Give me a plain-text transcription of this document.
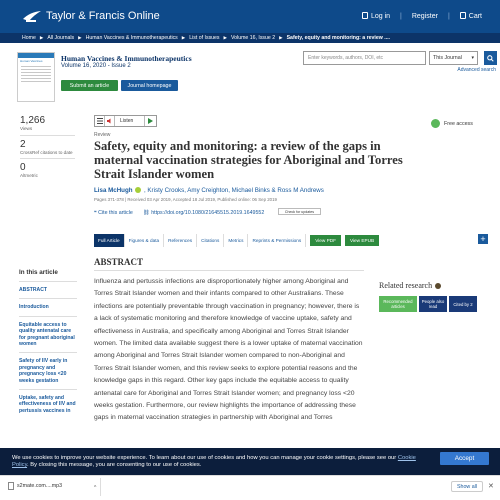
Taylor & Francis Online	Log in | Register |	Cart
Home ▶ All Journals ▶ Human Vaccines & Immunotherapeutics ▶ List of Issues ▶ Volume 16, Issue 2 ▶ Safety, equity and monitoring: a review ....
Human Vaccines	Human Vaccines & Immunotherapeutics
Volume 16, 2020 - Issue 2
Submit an article	Journal homepage
Enter keywords, authors, DOI, etc	This Journal ▾
Advanced search
1,266
Views
2
CrossRef citations to date
0
Altmetric
Listen	Free access
Review
Safety, equity and monitoring: a review of the gaps in maternal vaccination strategies for Aboriginal and Torres Strait Islander women
Lisa McHugh , Kristy Crooks, Amy Creighton, Michael Binks & Ross M Andrews
Pages 371-378 | Received 03 Apr 2019, Accepted 18 Jul 2019, Published online: 06 Sep 2019
❝ Cite this article ⛓ https://doi.org/10.1080/21645515.2019.1649552	Check for updates
Full Article	Figures & data	References	Citations	Metrics	Reprints & Permissions	View PDF	View EPUB	+
In this article
ABSTRACT
Introduction
Equitable access to quality antenatal care for pregnant aboriginal women
Safety of IIV early in pregnancy and pregnancy loss <20 weeks gestation
Uptake, safety and effectiveness of IIV and pertussis vaccines in
ABSTRACT
Influenza and pertussis infections are disproportionately higher among Aboriginal and Torres Strait Islander women and their infants compared to other Australians. These infections are potentially preventable through vaccination in pregnancy; however, there is a lack of systematic monitoring and therefore knowledge of vaccine uptake, safety and effectiveness in Australia, and specifically among Aboriginal and Torres Strait Islander women. The limited data available suggest there is a lower uptake of maternal vaccination among Aboriginal and Torres Strait Islander women compared to non-Aboriginal and Torres Strait Islander women, and this review seeks to explore potential reasons and the knowledge gaps in this regard. Other key gaps include the equitable access to quality antenatal care for Aboriginal and Torres Strait Islander women; and pregnancy loss <20 weeks gestation. Furthermore, our review highlights the importance of addressing these gaps in maternal vaccination strategies in partnership with Aboriginal and Torres
Related research
Recommended articles
People also read	Cited by 2
We use cookies to improve your website experience. To learn about our use of cookies and how you can manage your cookie settings, please see our Cookie Policy. By closing this message, you are consenting to our use of cookies.
Accept
s2mate.com....mp3	^	Show all	✕
